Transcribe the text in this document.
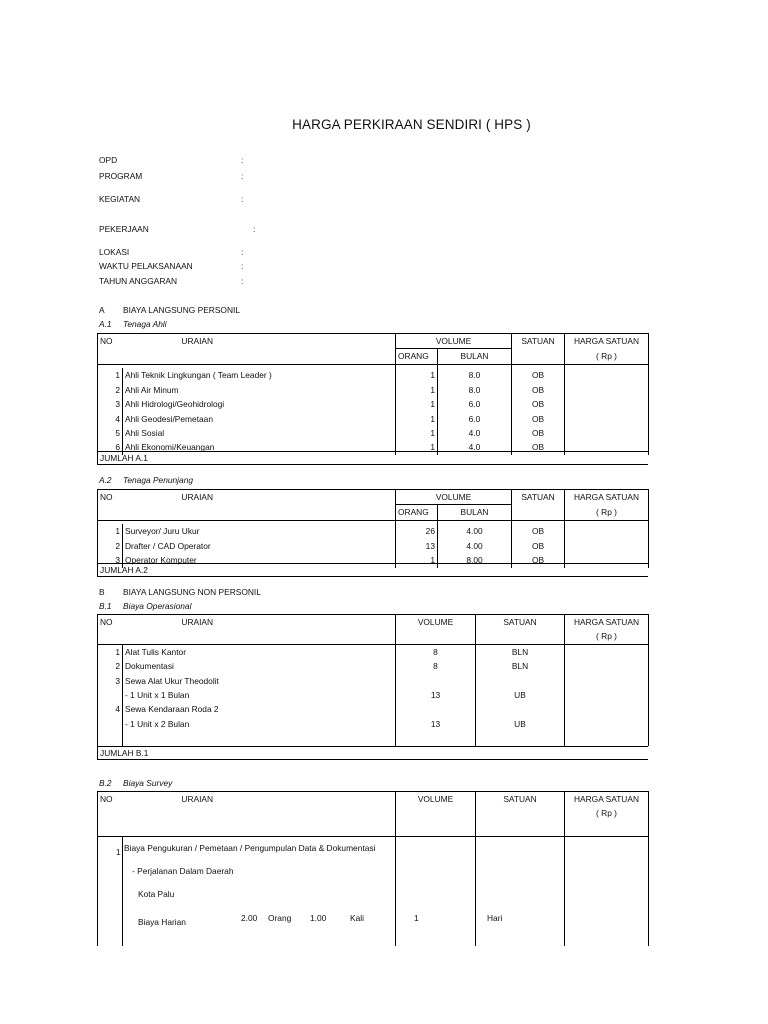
HARGA PERKIRAAN SENDIRI ( HPS )
OPD	:
PROGRAM	:
KEGIATAN	:
PEKERJAAN	:
LOKASI	:
WAKTU PELAKSANAAN	:
TAHUN ANGGARAN	:
A BIAYA LANGSUNG PERSONIL
A.1 Tenaga Ahli
NO	URAIAN	VOLUME		SATUAN	HARGA SATUAN
		ORANG	BULAN		( Rp )

1	Ahli Teknik Lingkungan ( Team Leader )	1	8.0	OB	
2	Ahli Air Minum	1	8.0	OB	
3	Ahli Hidrologi/Geohidrologi	1	6.0	OB	
4	Ahli Geodesi/Pemetaan	1	6.0	OB	
5	Ahli Sosial	1	4.0	OB	
6	Ahli Ekonomi/Keuangan	1	4.0	OB	
JUMLAH A.1
A.2 Tenaga Penunjang
NO	URAIAN	VOLUME		SATUAN	HARGA SATUAN
		ORANG	BULAN		( Rp )

1	Surveyor/ Juru Ukur	26	4.00	OB	
2	Drafter / CAD Operator	13	4.00	OB	
3	Operator Komputer	1	8.00	OB	
JUMLAH A.2
B BIAYA LANGSUNG NON PERSONIL
B.1 Biaya Operasional
NO	URAIAN	VOLUME	SATUAN	HARGA SATUAN
				( Rp )
1	Alat Tulis Kantor	8	BLN	
2	Dokumentasi	8	BLN	
3	Sewa Alat Ukur Theodolit			
	- 1 Unit x 1 Bulan	13	UB	
4	Sewa Kendaraan Roda 2			
	- 1 Unit x 2 Bulan	13	UB	

JUMLAH B.1
B.2 Biaya Survey
NO	URAIAN	VOLUME	SATUAN	HARGA SATUAN
				( Rp )

1 Biaya Pengukuran / Pemetaan / Pengumpulan Data & Dokumentasi
- Perjalanan Dalam Daerah
Kota Palu
Biaya Harian	2.00 Orang 1.00	Kali	1	Hari
